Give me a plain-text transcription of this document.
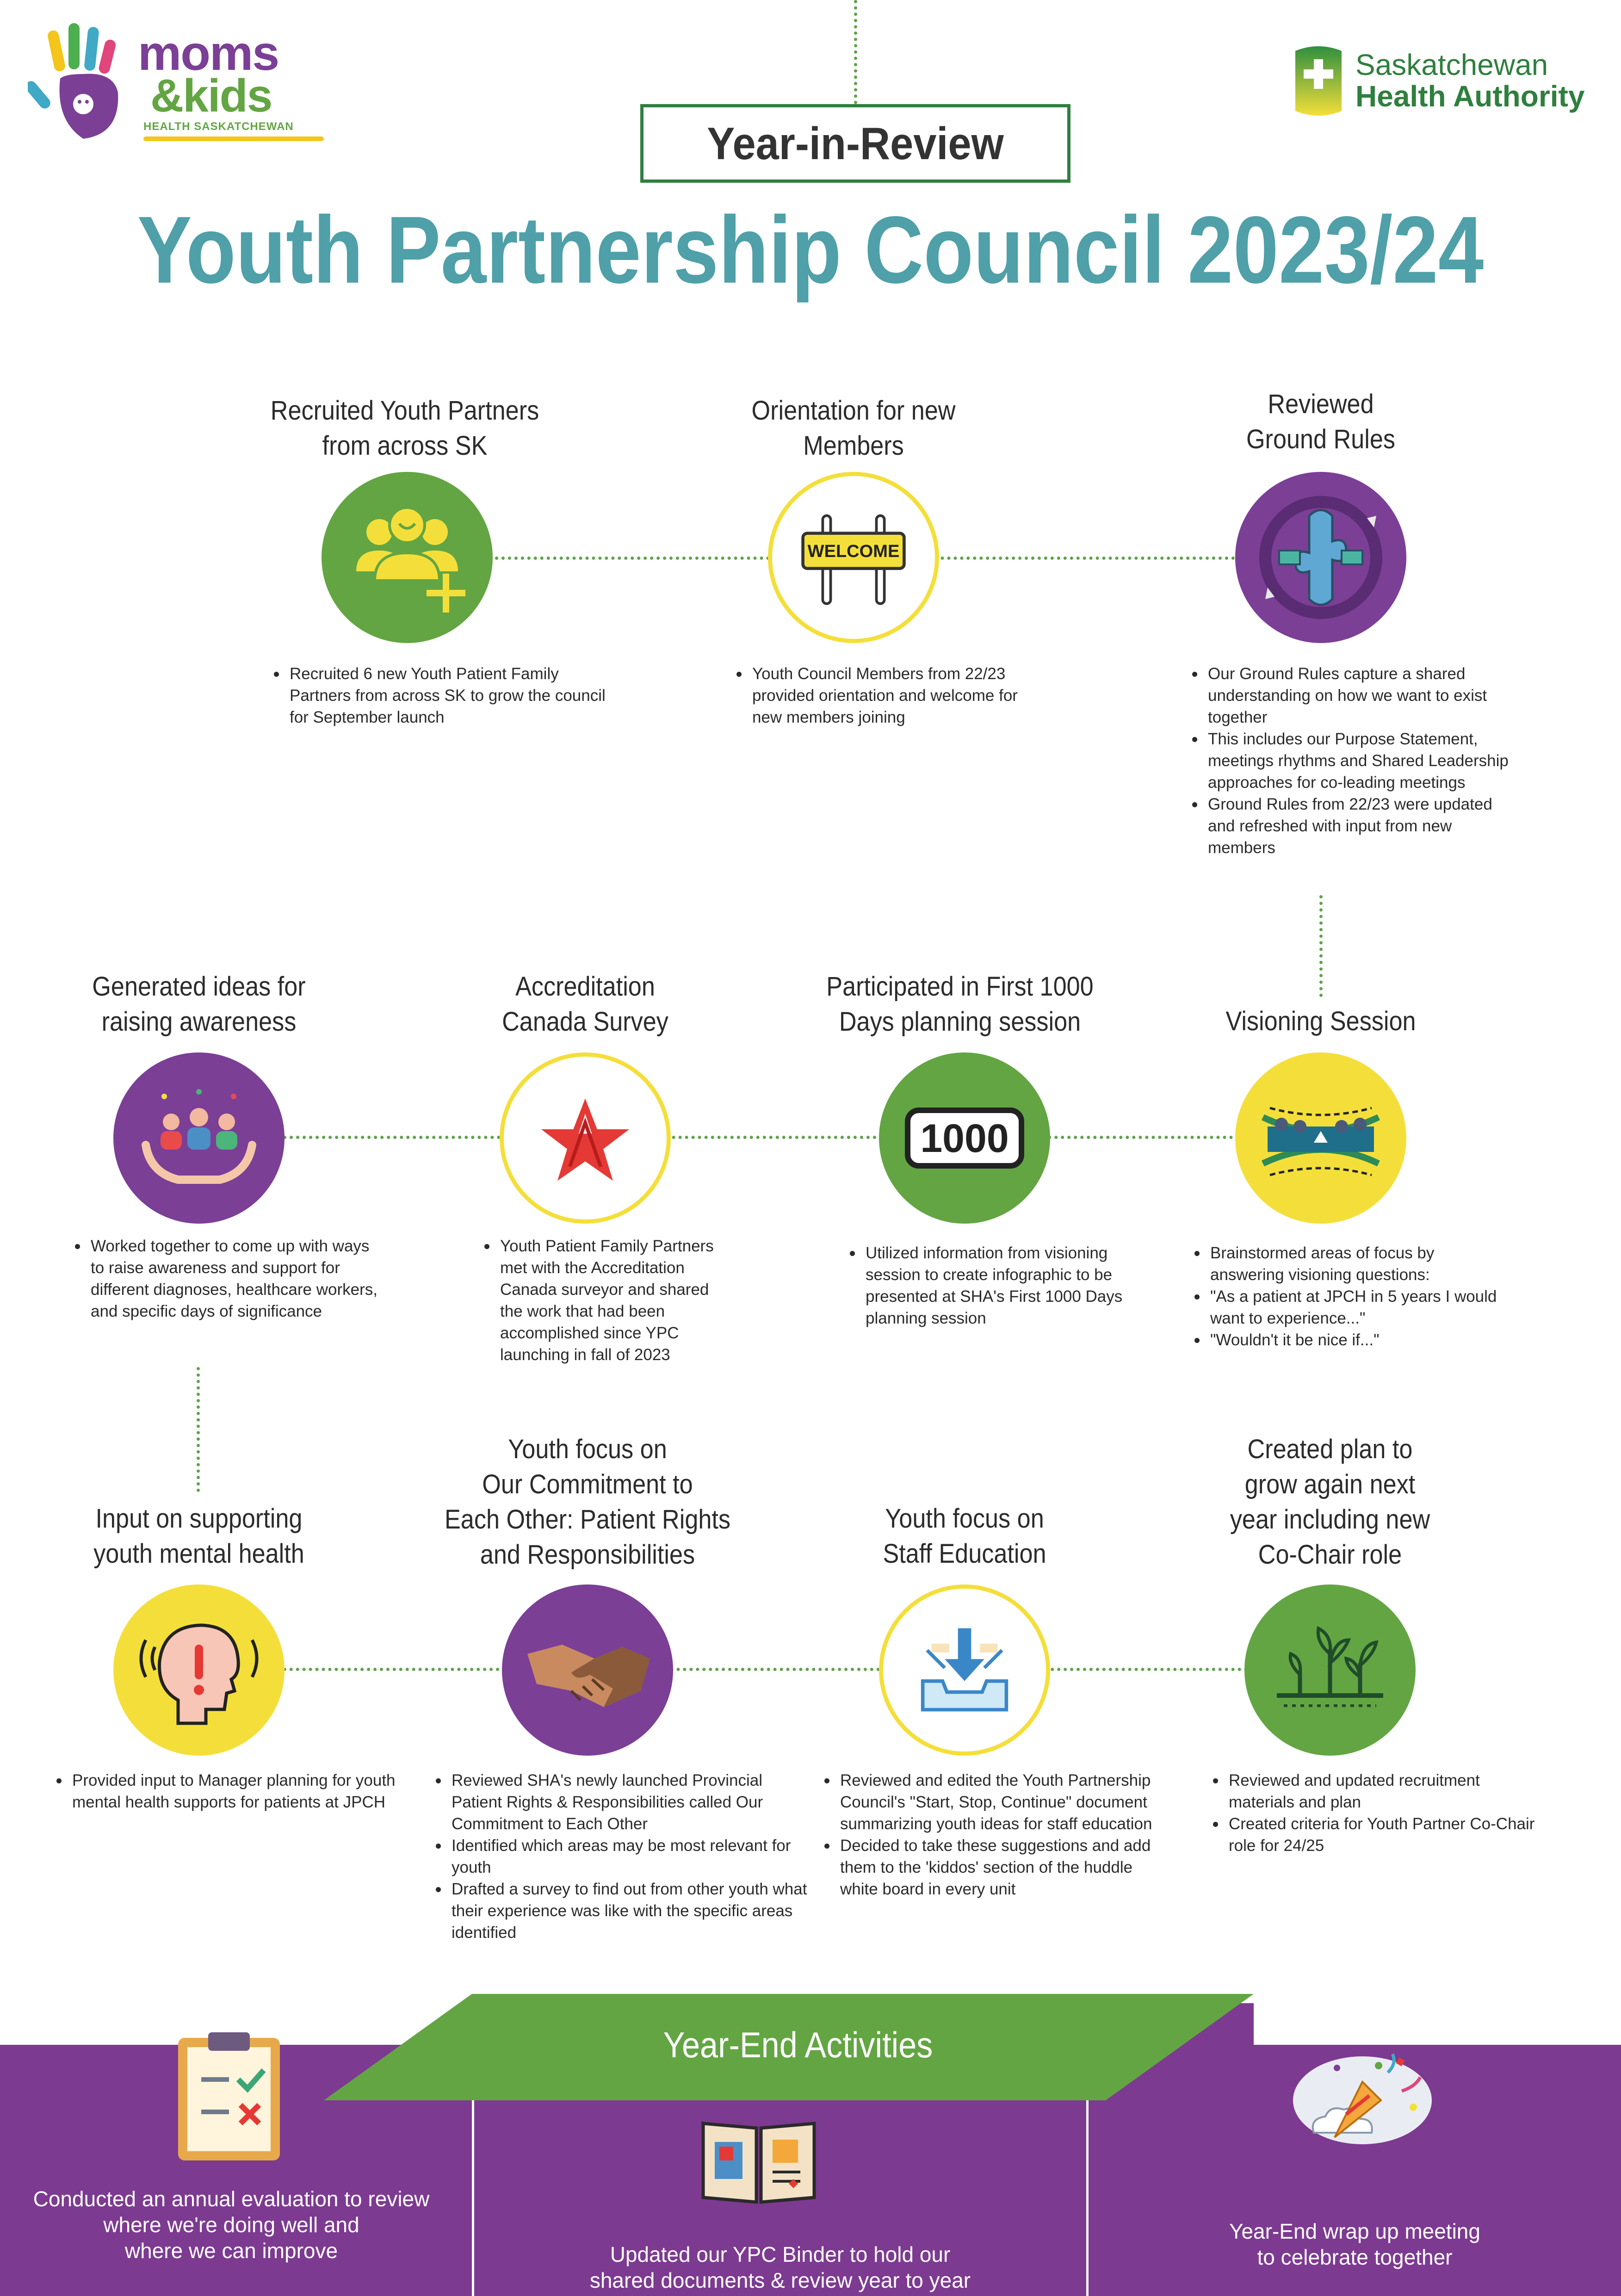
moms
&kids
HEALTH SASKATCHEWAN
Saskatchewan
Health Authority
Year-in-Review
Youth Partnership Council 2023/24
Recruited Youth Partners
from across SK
Recruited 6 new Youth Patient Family Partners from across SK to grow the council for September launch
Orientation for new
Members
WELCOME
Youth Council Members from 22/23 provided orientation and welcome for new members joining
Reviewed
Ground Rules
Our Ground Rules capture a shared understanding on how we want to exist together
This includes our Purpose Statement, meetings rhythms and Shared Leadership approaches for co-leading meetings
Ground Rules from 22/23 were updated and refreshed with input from new members
Generated ideas for
raising awareness
Worked together to come up with ways to raise awareness and support for different diagnoses, healthcare workers, and specific days of significance
Accreditation
Canada Survey
Youth Patient Family Partners met with the Accreditation Canada surveyor and shared the work that had been accomplished since YPC launching in fall of 2023
Participated in First 1000
Days planning session
1000
Utilized information from visioning session to create infographic to be presented at SHA's First 1000 Days planning session
Visioning Session
Brainstormed areas of focus by answering visioning questions:
"As a patient at JPCH in 5 years I would want to experience..."
"Wouldn't it be nice if..."
Input on supporting
youth mental health
Provided input to Manager planning for youth mental health supports for patients at JPCH
Youth focus on
Our Commitment to
Each Other: Patient Rights
and Responsibilities
Reviewed SHA's newly launched Provincial Patient Rights & Responsibilities called Our Commitment to Each Other
Identified which areas may be most relevant for youth
Drafted a survey to find out from other youth what their experience was like with the specific areas identified
Youth focus on
Staff Education
Reviewed and edited the Youth Partnership Council's "Start, Stop, Continue" document summarizing youth ideas for staff education
Decided to take these suggestions and add them to the 'kiddos' section of the huddle white board in every unit
Created plan to
grow again next
year including new
Co-Chair role
Reviewed and updated recruitment materials and plan
Created criteria for Youth Partner Co-Chair role for 24/25
Year-End Activities
Conducted an annual evaluation to review
where we're doing well and
where we can improve	Updated our YPC Binder to hold our
shared documents & review year to year
Year-End wrap up meeting
to celebrate together
